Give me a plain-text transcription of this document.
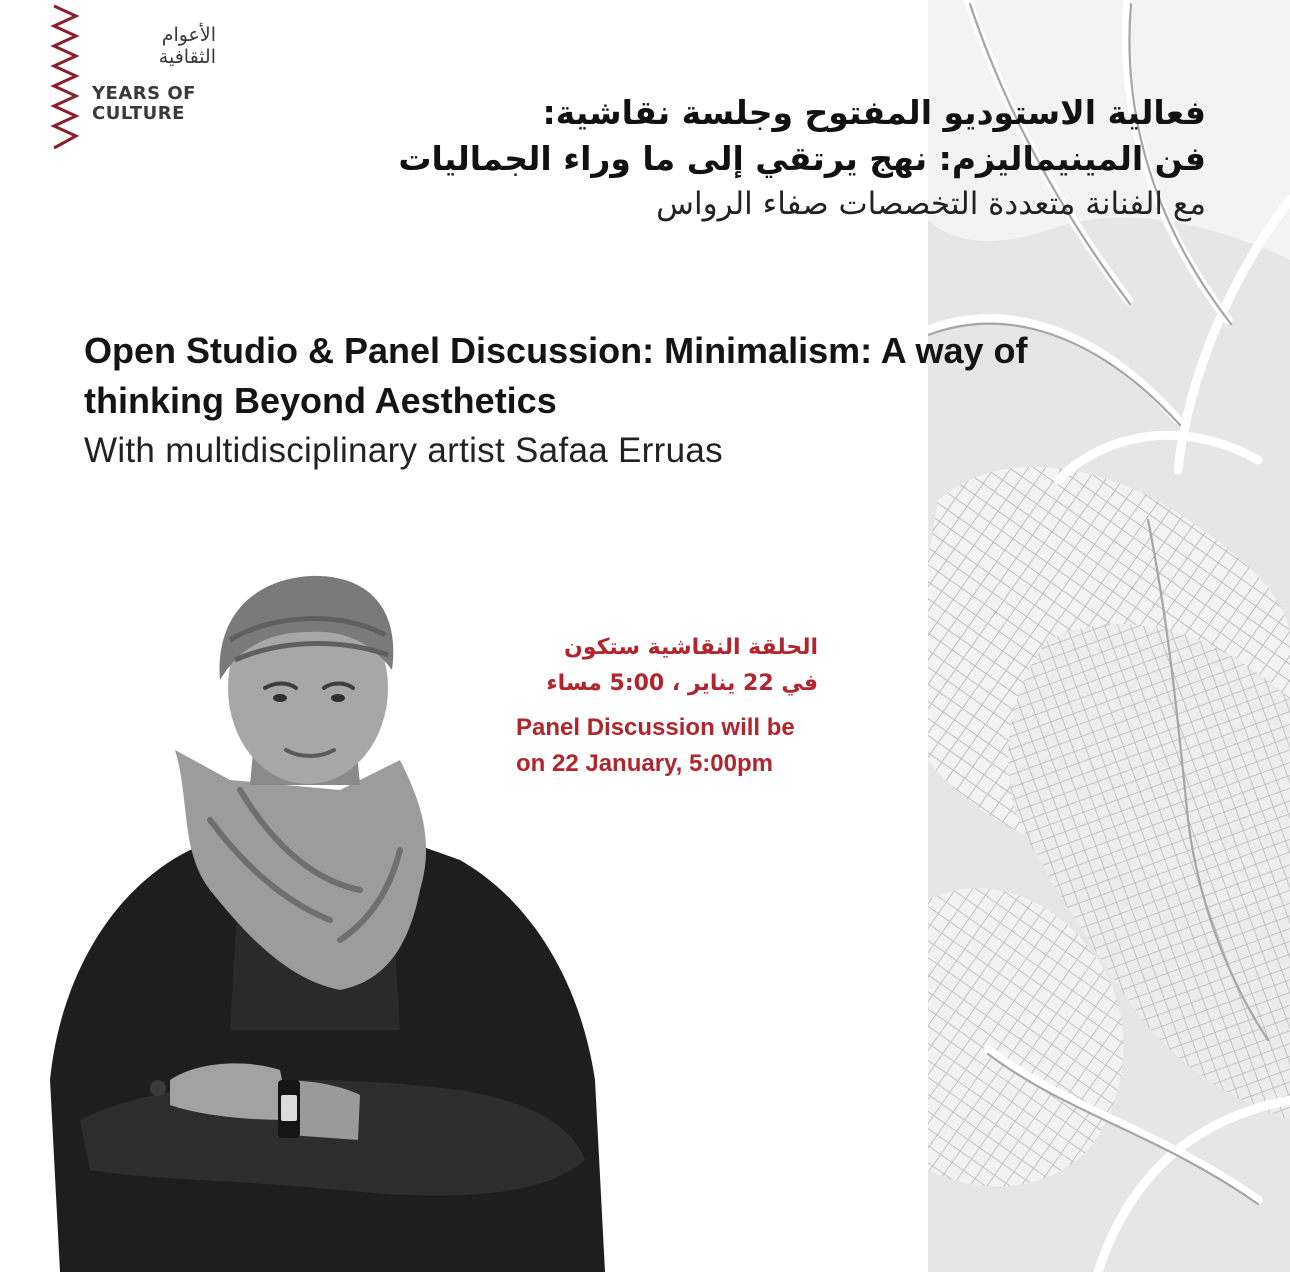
الأعوام
الثقافية
YEARS OF
CULTURE	فعالية الاستوديو المفتوح وجلسة نقاشية:
فن المينيماليزم: نهج يرتقي إلى ما وراء الجماليات
مع الفنانة متعددة التخصصات صفاء الرواس

Open Studio & Panel Discussion: Minimalism: A way of

thinking Beyond Aesthetics

With multidisciplinary artist Safaa Erruas

الحلقة النقاشية ستكون
في 22 يناير ، 5:00 مساء
Panel Discussion will be
on 22 January, 5:00pm
